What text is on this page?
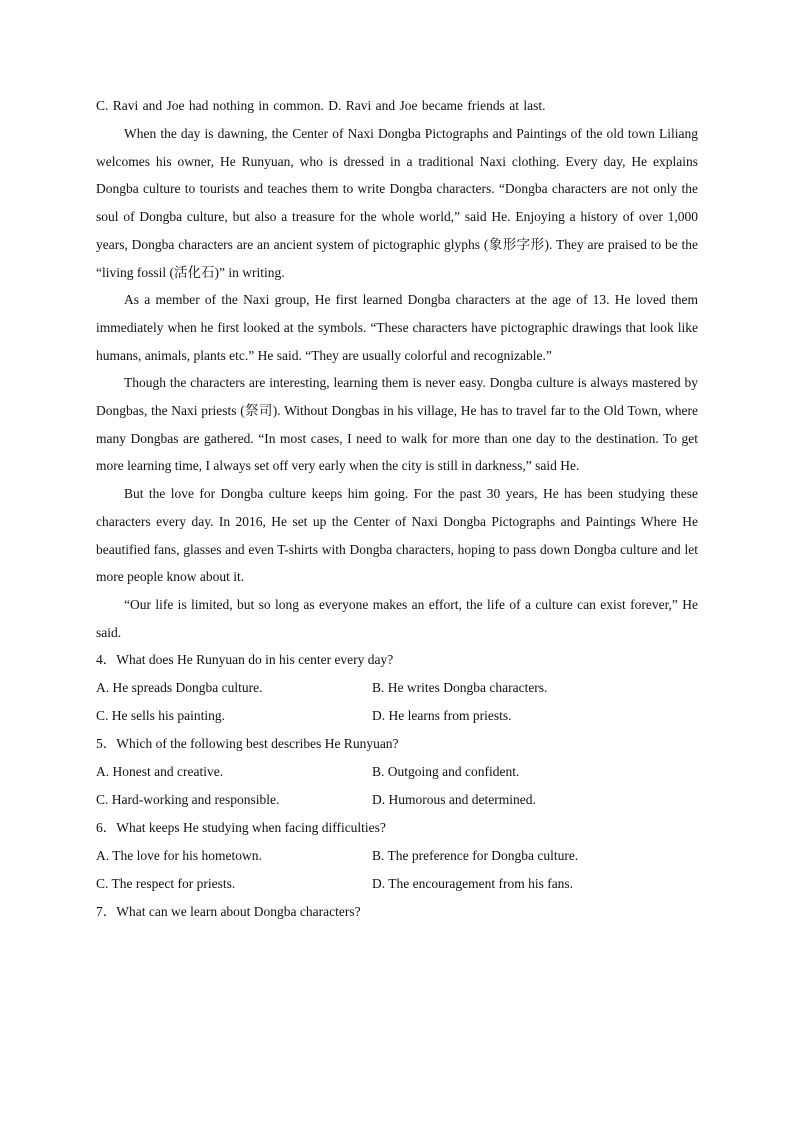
C. Ravi and Joe had nothing in common. D. Ravi and Joe became friends at last.

When the day is dawning, the Center of Naxi Dongba Pictographs and Paintings of the old town Liliang welcomes his owner, He Runyuan, who is dressed in a traditional Naxi clothing. Every day, He explains Dongba culture to tourists and teaches them to write Dongba characters. “Dongba characters are not only the soul of Dongba culture, but also a treasure for the whole world,” said He. Enjoying a history of over 1,000 years, Dongba characters are an ancient system of pictographic glyphs (象形字形). They are praised to be the “living fossil (活化石)” in writing.

As a member of the Naxi group, He first learned Dongba characters at the age of 13. He loved them immediately when he first looked at the symbols. “These characters have pictographic drawings that look like humans, animals, plants etc.” He said. “They are usually colorful and recognizable.”

Though the characters are interesting, learning them is never easy. Dongba culture is always mastered by Dongbas, the Naxi priests (祭司). Without Dongbas in his village, He has to travel far to the Old Town, where many Dongbas are gathered. “In most cases, I need to walk for more than one day to the destination. To get more learning time, I always set off very early when the city is still in darkness,” said He.

But the love for Dongba culture keeps him going. For the past 30 years, He has been studying these characters every day. In 2016, He set up the Center of Naxi Dongba Pictographs and Paintings Where He beautified fans, glasses and even T-shirts with Dongba characters, hoping to pass down Dongba culture and let more people know about it.

“Our life is limited, but so long as everyone makes an effort, the life of a culture can exist forever,” He said.

4．What does He Runyuan do in his center every day?

A. He spreads Dongba culture.	B. He writes Dongba characters.
C. He sells his painting.	D. He learns from priests.

5．Which of the following best describes He Runyuan?

A. Honest and creative.	B. Outgoing and confident.
C. Hard-working and responsible.	D. Humorous and determined.

6．What keeps He studying when facing difficulties?

A. The love for his hometown.	B. The preference for Dongba culture.
C. The respect for priests.	D. The encouragement from his fans.

7．What can we learn about Dongba characters?
